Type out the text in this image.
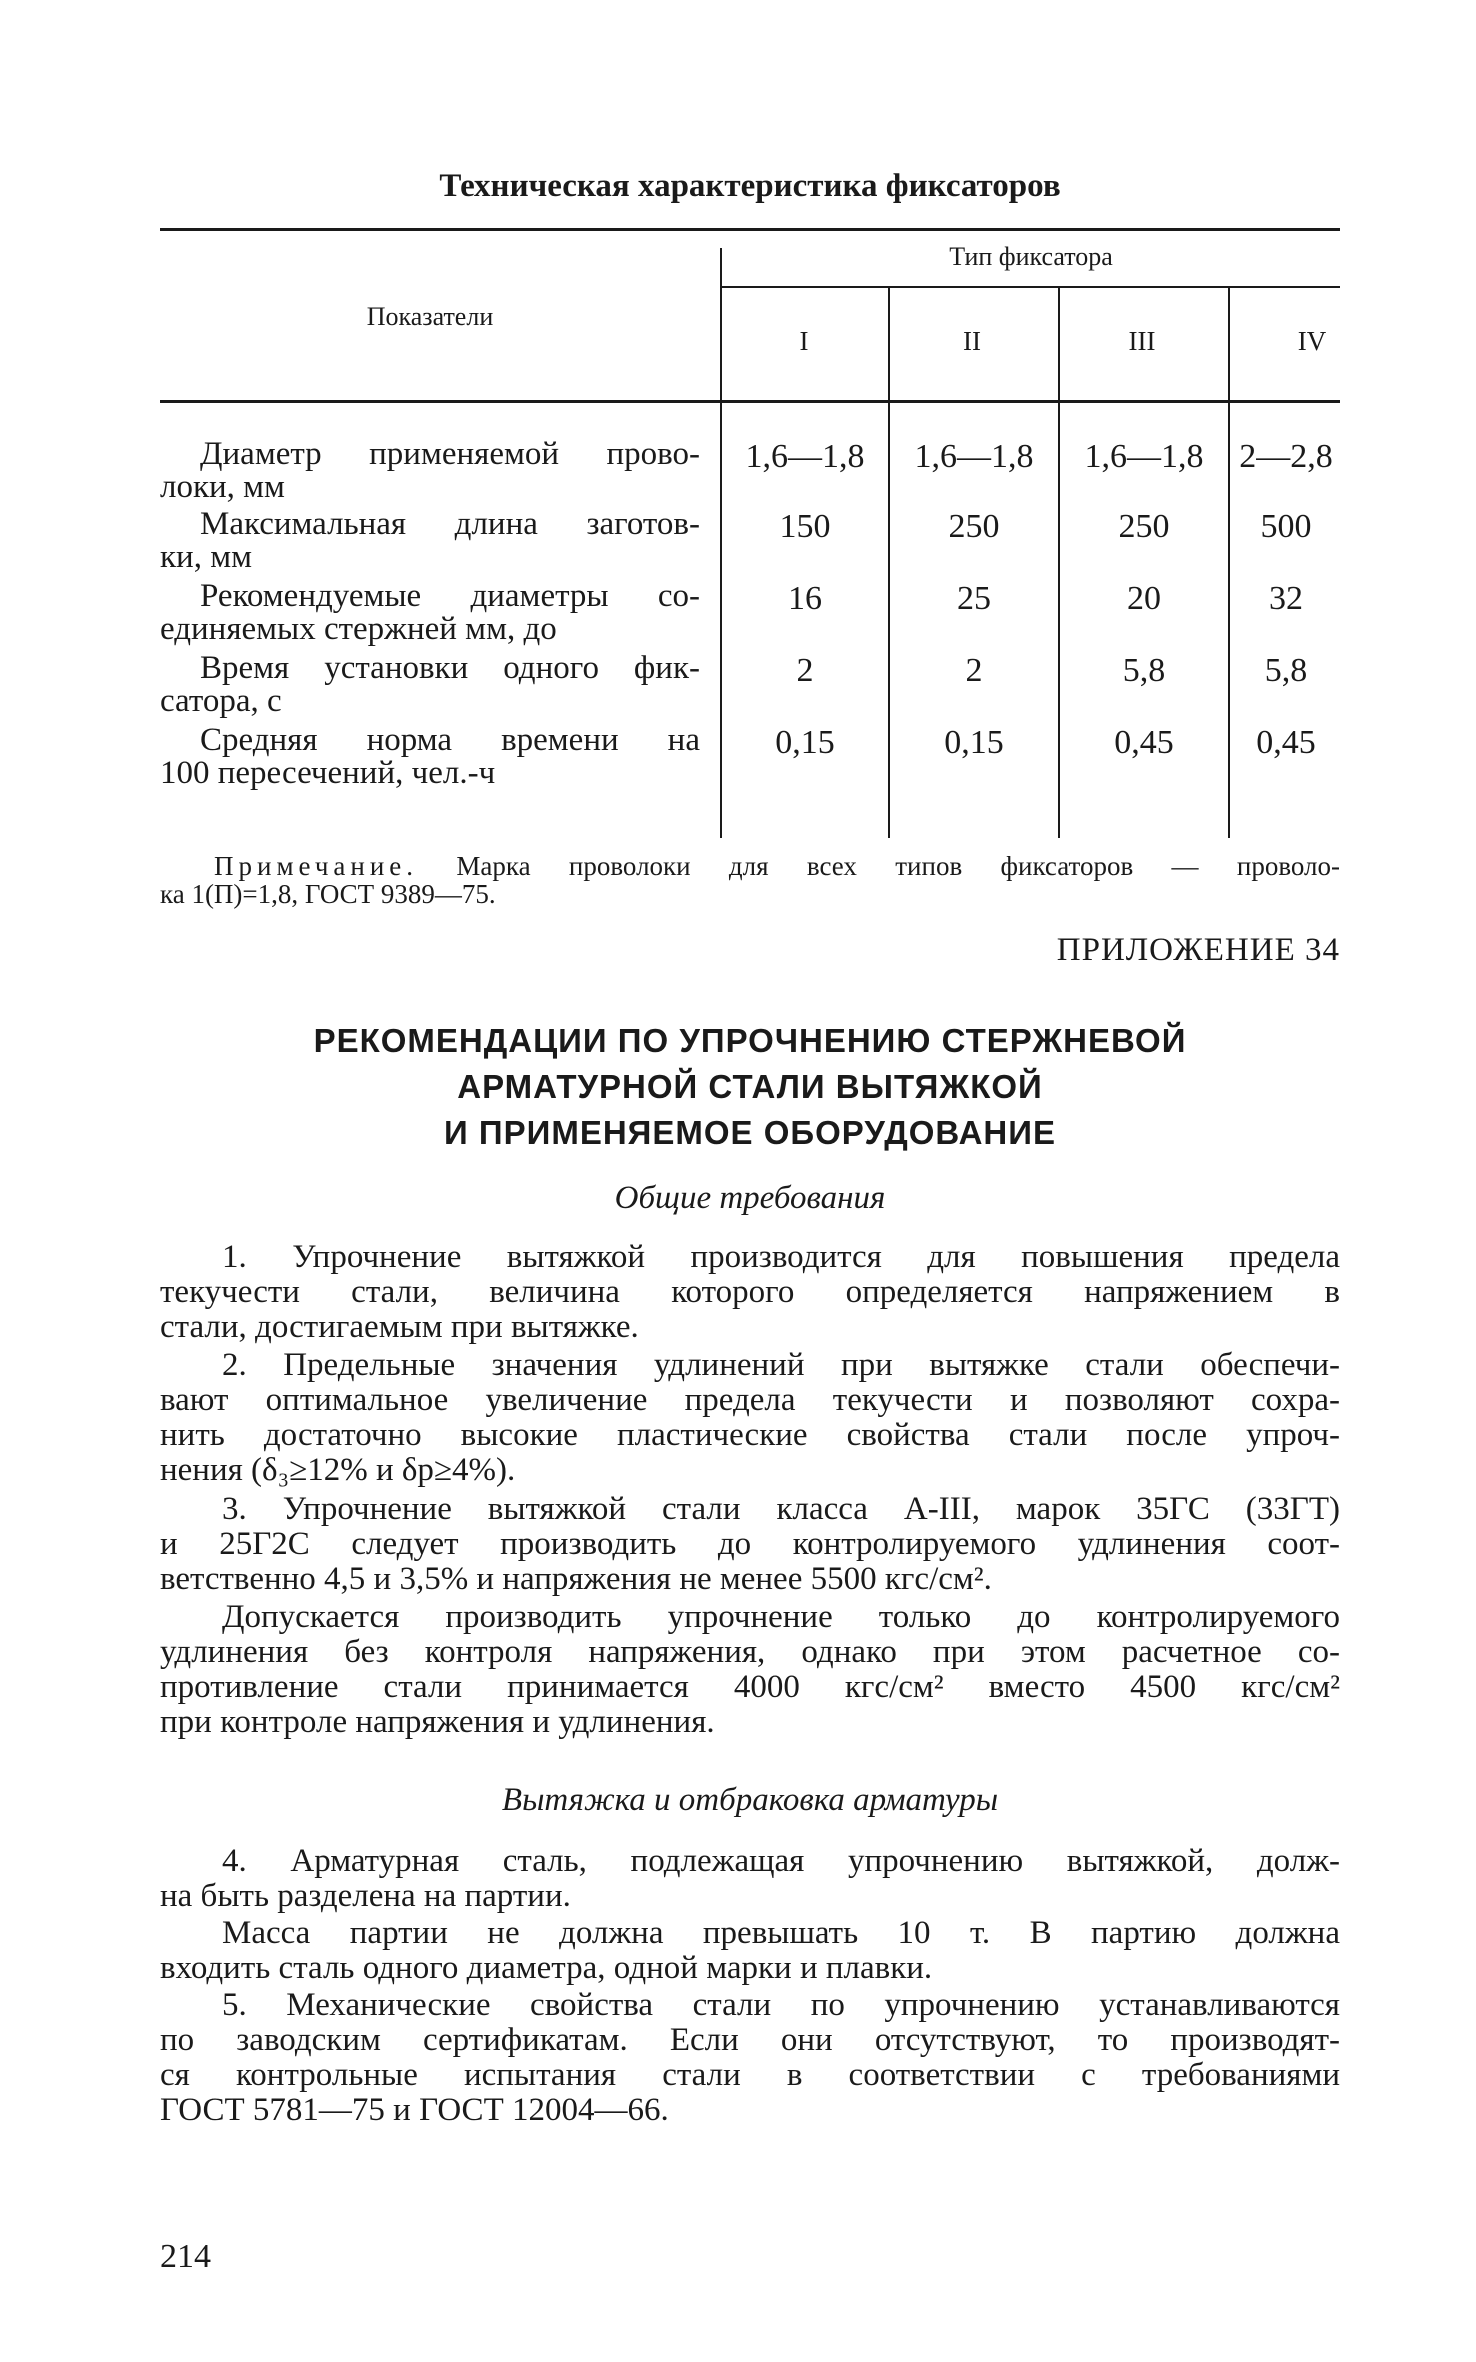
Техническая характеристика фиксаторов
Показатели
Тип фиксатора
I	II	III	IV
Диаметр применяемой прово-
локи, мм
1,6—1,8	1,6—1,8	1,6—1,8	2—2,8
Максимальная длина заготов-
ки, мм
150	250	250	500
Рекомендуемые диаметры со-
единяемых стержней мм, до
16	25	20	32
Время установки одного фик-
сатора, с
2	2	5,8	5,8
Средняя норма времени на
100 пересечений, чел.-ч
0,15	0,15	0,45	0,45
Примечание. Марка проволоки для всех типов фиксаторов — проволо-
ка 1(П)=1,8, ГОСТ 9389—75.
ПРИЛОЖЕНИЕ 34
РЕКОМЕНДАЦИИ ПО УПРОЧНЕНИЮ СТЕРЖНЕВОЙ
АРМАТУРНОЙ СТАЛИ ВЫТЯЖКОЙ
И ПРИМЕНЯЕМОЕ ОБОРУДОВАНИЕ
Общие требования
1. Упрочнение вытяжкой производится для повышения предела
текучести стали, величина которого определяется напряжением в
стали, достигаемым при вытяжке.
2. Предельные значения удлинений при вытяжке стали обеспечи-
вают оптимальное увеличение предела текучести и позволяют сохра-
нить достаточно высокие пластические свойства стали после упроч-
нения (δ₃≥12% и δр≥4%).
3. Упрочнение вытяжкой стали класса А-III, марок 35ГС (33ГТ)
и 25Г2С следует производить до контролируемого удлинения соот-
ветственно 4,5 и 3,5% и напряжения не менее 5500 кгс/см².
Допускается производить упрочнение только до контролируемого
удлинения без контроля напряжения, однако при этом расчетное со-
противление стали принимается 4000 кгс/см² вместо 4500 кгс/см²
при контроле напряжения и удлинения.
Вытяжка и отбраковка арматуры
4. Арматурная сталь, подлежащая упрочнению вытяжкой, долж-
на быть разделена на партии.
Масса партии не должна превышать 10 т. В партию должна
входить сталь одного диаметра, одной марки и плавки.
5. Механические свойства стали по упрочнению устанавливаются
по заводским сертификатам. Если они отсутствуют, то производят-
ся контрольные испытания стали в соответствии с требованиями
ГОСТ 5781—75 и ГОСТ 12004—66.
214
